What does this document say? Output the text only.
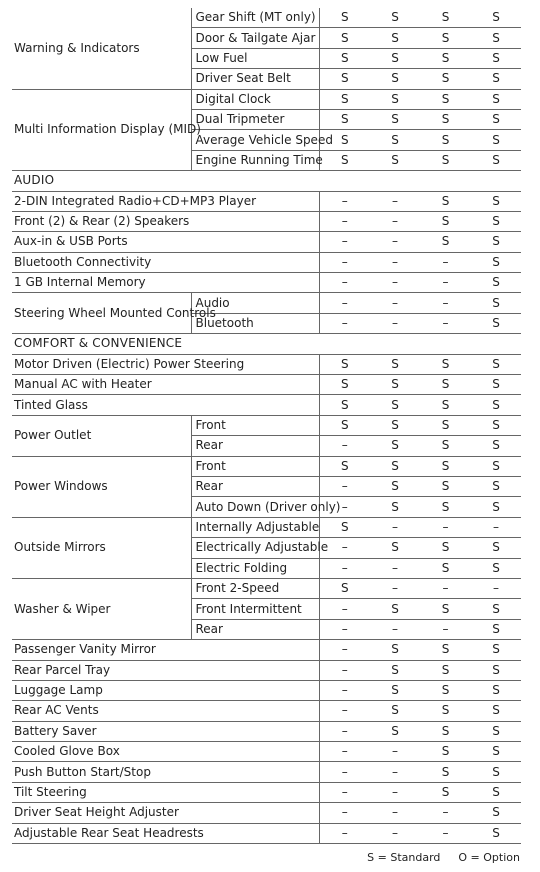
Warning & Indicators	Gear Shift (MT only)	S	S	S	S
	Door & Tailgate Ajar	S	S	S	S
	Low Fuel	S	S	S	S
	Driver Seat Belt	S	S	S	S
Multi Information Display (MID)	Digital Clock	S	S	S	S
	Dual Tripmeter	S	S	S	S
	Average Vehicle Speed	S	S	S	S
	Engine Running Time	S	S	S	S
AUDIO					
2-DIN Integrated Radio+CD+MP3 Player		–	–	S	S
Front (2) & Rear (2) Speakers		–	–	S	S
Aux-in & USB Ports		–	–	S	S
Bluetooth Connectivity		–	–	–	S
1 GB Internal Memory		–	–	–	S
Steering Wheel Mounted Controls	Audio	–	–	–	S
	Bluetooth	–	–	–	S
COMFORT & CONVENIENCE					
Motor Driven (Electric) Power Steering		S	S	S	S
Manual AC with Heater		S	S	S	S
Tinted Glass		S	S	S	S
Power Outlet	Front	S	S	S	S
	Rear	–	S	S	S
Power Windows	Front	S	S	S	S
	Rear	–	S	S	S
	Auto Down (Driver only)	–	S	S	S
Outside Mirrors	Internally Adjustable	S	–	–	–
	Electrically Adjustable	–	S	S	S
	Electric Folding	–	–	S	S
Washer & Wiper	Front 2-Speed	S	–	–	–
	Front Intermittent	–	S	S	S
	Rear	–	–	–	S
Passenger Vanity Mirror		–	S	S	S
Rear Parcel Tray		–	S	S	S
Luggage Lamp		–	S	S	S
Rear AC Vents		–	S	S	S
Battery Saver		–	S	S	S
Cooled Glove Box		–	–	S	S
Push Button Start/Stop		–	–	S	S
Tilt Steering		–	–	S	S
Driver Seat Height Adjuster		–	–	–	S
Adjustable Rear Seat Headrests		–	–	–	S
S = Standard O = Option
